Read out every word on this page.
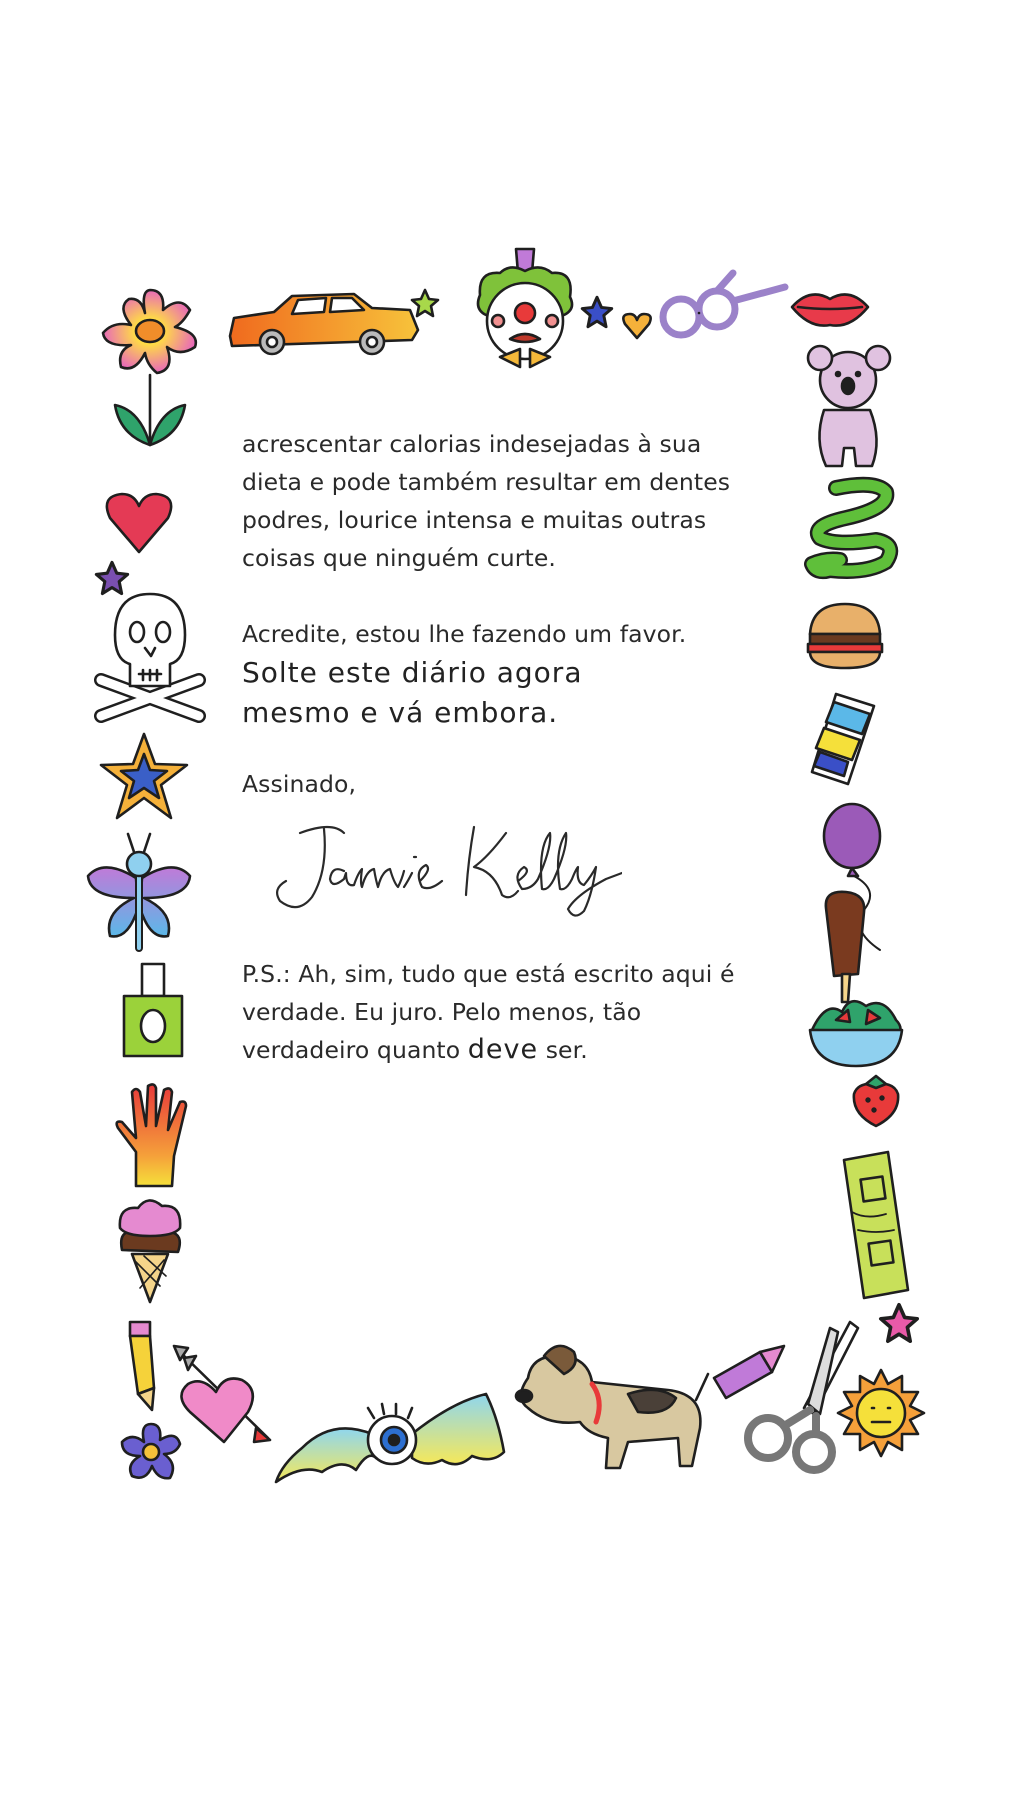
acrescentar calorias indesejadas à sua

dieta e pode também resultar em dentes

podres, lourice intensa e muitas outras

coisas que ninguém curte.

Acredite, estou lhe fazendo um favor.

Solte este diário agora

mesmo e vá embora.

Assinado,

P.S.: Ah, sim, tudo que está escrito aqui é

verdade. Eu juro. Pelo menos, tão

verdadeiro quanto deve ser.
